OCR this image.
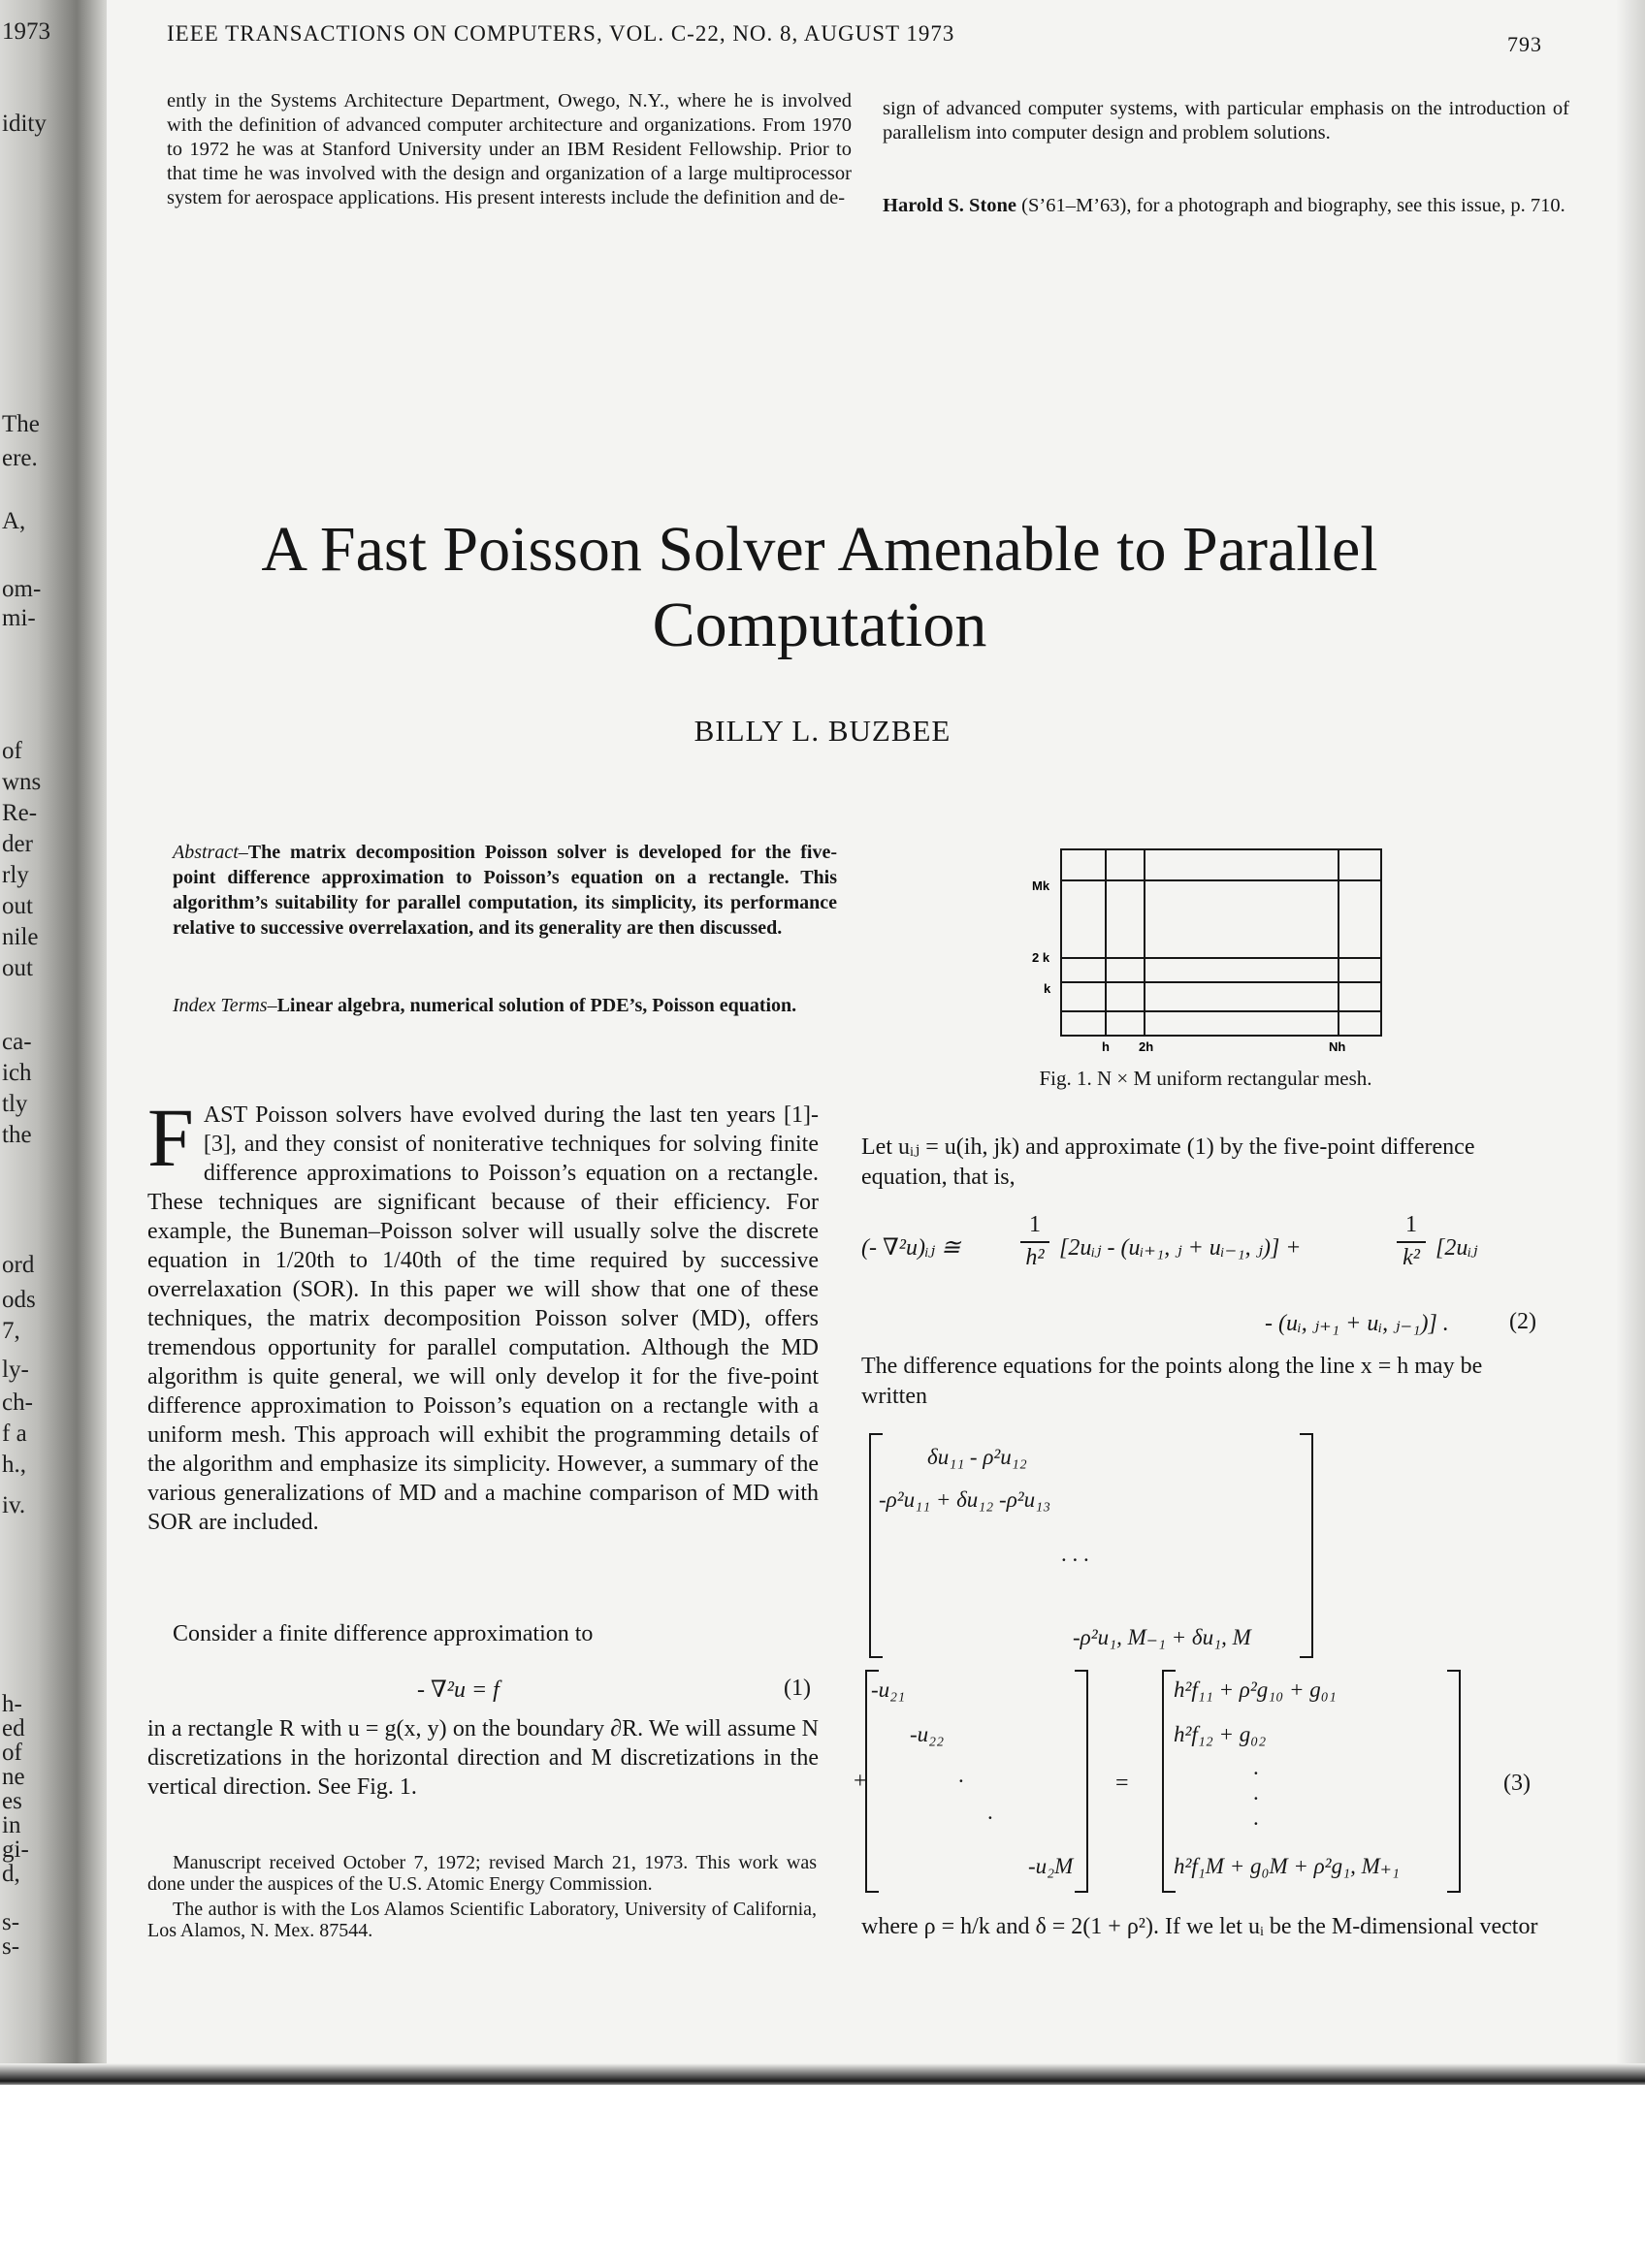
1973
idity
The
ere.
A,
om-
mi-
of
wns
Re-
der
rly
out
nile
out
ca-
ich
tly
the
ord
ods
7,
ly-
ch-
f a
h.,
iv.
h-
ed
of
ne
es
in
gi-
d,
s-
s-
IEEE TRANSACTIONS ON COMPUTERS, VOL. C-22, NO. 8, AUGUST 1973	793
ently in the Systems Architecture Department, Owego, N.Y., where he is involved with the definition of advanced computer architecture and organizations. From 1970 to 1972 he was at Stanford University under an IBM Resident Fellowship. Prior to that time he was involved with the design and organization of a large multiprocessor system for aerospace applications. His present interests include the definition and de-
sign of advanced computer systems, with particular emphasis on the introduction of parallelism into computer design and problem solutions.
Harold S. Stone (S’61–M’63), for a photograph and biography, see this issue, p. 710.
A Fast Poisson Solver Amenable to Parallel
Computation
BILLY L. BUZBEE
Abstract–The matrix decomposition Poisson solver is developed for the five-point difference approximation to Poisson’s equation on a rectangle. This algorithm’s suitability for parallel computation, its simplicity, its performance relative to successive overrelaxation, and its generality are then discussed.
Index Terms–Linear algebra, numerical solution of PDE’s, Poisson equation.
FAST Poisson solvers have evolved during the last ten years [1]-[3], and they consist of noniterative techniques for solving finite difference approximations to Poisson’s equation on a rectangle. These techniques are significant because of their efficiency. For example, the Buneman–Poisson solver will usually solve the discrete equation in 1/20th to 1/40th of the time required by successive overrelaxation (SOR). In this paper we will show that one of these techniques, the matrix decomposition Poisson solver (MD), offers tremendous opportunity for parallel computation. Although the MD algorithm is quite general, we will only develop it for the five-point difference approximation to Poisson’s equation on a rectangle with a uniform mesh. This approach will exhibit the programming details of the algorithm and emphasize its simplicity. However, a summary of the various generalizations of MD and a machine comparison of MD with SOR are included.
Consider a finite difference approximation to
- ∇²u = f	(1)
in a rectangle R with u = g(x, y) on the boundary ∂R. We will assume N discretizations in the horizontal direction and M discretizations in the vertical direction. See Fig. 1.

Manuscript received October 7, 1972; revised March 21, 1973. This work was done under the auspices of the U.S. Atomic Energy Commission.

The author is with the Los Alamos Scientific Laboratory, University of California, Los Alamos, N. Mex. 87544.

Mk
2 k
k
h 2h	Nh
Fig. 1. N × M uniform rectangular mesh.
Let uᵢⱼ = u(ih, jk) and approximate (1) by the five-point difference equation, that is,
(- ∇²u)ᵢⱼ ≅
1
h² [2uᵢⱼ - (uᵢ₊₁, ⱼ + uᵢ₋₁, ⱼ)] +
1
k² [2uᵢⱼ
- (uᵢ, ⱼ₊₁ + uᵢ, ⱼ₋₁)] .	(2)
The difference equations for the points along the line x = h may be written
δu₁₁ - ρ²u₁₂
-ρ²u₁₁ + δu₁₂ -ρ²u₁₃
. . .
-ρ²u₁, M₋₁ + δu₁, M
+
-u₂₁
-u₂₂
.
.
-u₂M
=
h²f₁₁ + ρ²g₁₀ + g₀₁
h²f₁₂ + g₀₂
.
.
.
h²f₁M + g₀M + ρ²g₁, M₊₁
(3)
where ρ = h/k and δ = 2(1 + ρ²). If we let uᵢ be the M-dimensional vector
